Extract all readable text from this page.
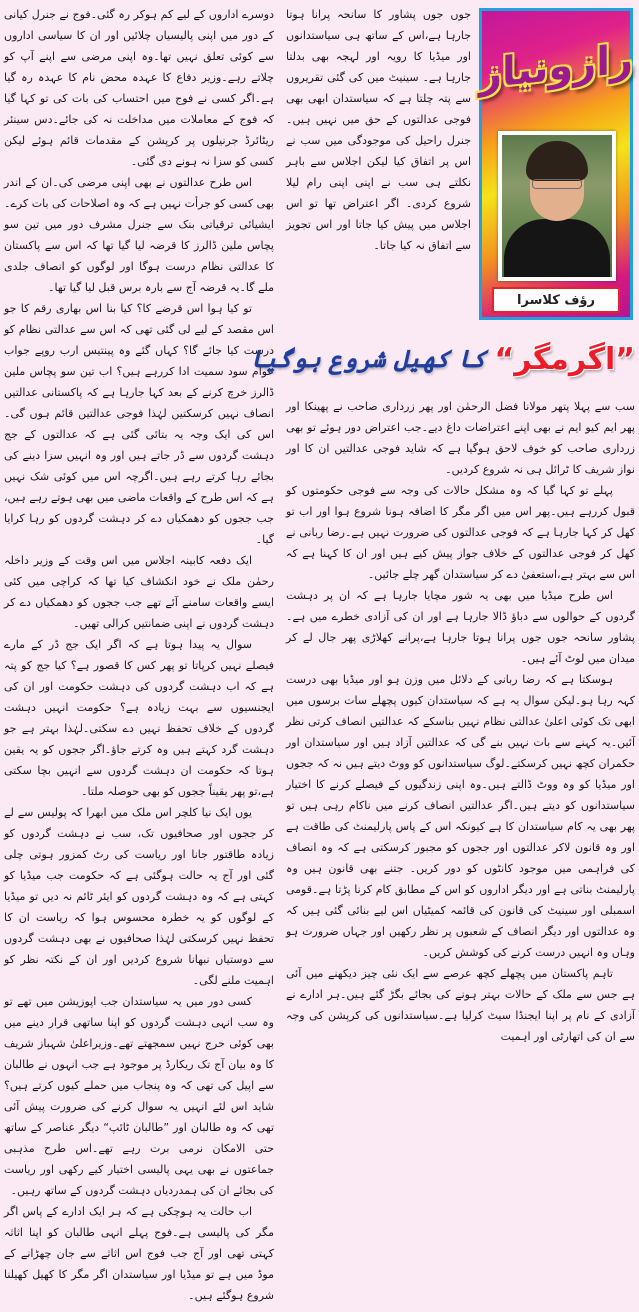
دوسرے اداروں کے لیے کم ہوکر رہ گئی۔فوج نے جنرل کیانی کے دور میں اپنی پالیسیاں چلائیں اور ان کا سیاسی اداروں سے کوئی تعلق نہیں تھا۔وہ اپنی مرضی سے اپنے آپ کو چلاتے رہے۔وزیر دفاع کا عہدہ محض نام کا عہدہ رہ گیا ہے۔اگر کسی نے فوج میں احتساب کی بات کی تو کہا گیا کہ فوج کے معاملات میں مداخلت نہ کی جائے۔دس سینئر ریٹائرڈ جرنیلوں پر کرپشن کے مقدمات قائم ہوئے لیکن کسی کو سزا نہ ہونے دی گئی۔

اس طرح عدالتوں نے بھی اپنی مرضی کی۔ان کے اندر بھی کسی کو جرأت نہیں ہے کہ وہ اصلاحات کی بات کرے۔ایشیائی ترقیاتی بنک سے جنرل مشرف دور میں تین سو پچاس ملین ڈالرز کا قرضہ لیا گیا تھا کہ اس سے پاکستان کا عدالتی نظام درست ہوگا اور لوگوں کو انصاف جلدی ملے گا۔یہ قرضہ آج سے بارہ برس قبل لیا گیا تھا۔

تو کیا ہوا اس قرضے کا؟ کیا بنا اس بھاری رقم کا جو اس مقصد کے لیے لی گئی تھی کہ اس سے عدالتی نظام کو درست کیا جائے گا؟ کہاں گئے وہ پینتیس ارب روپے جواب عوام سود سمیت ادا کررہے ہیں؟ اب تین سو پچاس ملین ڈالرز خرچ کرنے کے بعد کہا جارہا ہے کہ پاکستانی عدالتیں انصاف نہیں کرسکتیں لہٰذا فوجی عدالتیں قائم ہوں گی۔اس کی ایک وجہ یہ بتائی گئی ہے کہ عدالتوں کے جج دہشت گردوں سے ڈر جاتے ہیں اور وہ انہیں سزا دینے کی بجائے رہا کرتے رہے ہیں۔اگرچہ اس میں کوئی شک نہیں ہے کہ اس طرح کے واقعات ماضی میں بھی ہوتے رہے ہیں، جب ججوں کو دھمکیاں دے کر دہشت گردوں کو رہا کرایا گیا۔

ایک دفعہ کابینہ اجلاس میں اس وقت کے وزیر داخلہ رحمٰن ملک نے خود انکشاف کیا تھا کہ کراچی میں کئی ایسے واقعات سامنے آئے تھے جب ججوں کو دھمکیاں دے کر دہشت گردوں نے اپنی ضمانتیں کرالی تھیں۔

سوال یہ پیدا ہوتا ہے کہ اگر ایک جج ڈر کے مارے فیصلے نہیں کرپاتا تو پھر کس کا قصور ہے؟ کیا جج کو پتہ ہے کہ اب دہشت گردوں کی دہشت حکومت اور ان کی ایجنسیوں سے بہت زیادہ ہے؟ حکومت انہیں دہشت گردوں کے خلاف تحفظ نہیں دے سکتی۔لہٰذا بہتر ہے جو دہشت گرد کہتے ہیں وہ کرتے جاؤ۔اگر ججوں کو یہ یقین ہوتا کہ حکومت ان دہشت گردوں سے انہیں بچا سکتی ہے،تو پھر یقیناً ججوں کو بھی حوصلہ ملتا۔

یوں ایک نیا کلچر اس ملک میں ابھرا کہ پولیس سے لے کر ججوں اور صحافیوں تک، سب نے دہشت گردوں کو زیادہ طاقتور جانا اور ریاست کی رٹ کمزور ہوتی چلی گئی اور آج یہ حالت ہوگئی ہے کہ حکومت جب میڈیا کو کہتی ہے کہ وہ دہشت گردوں کو ایئر ٹائم نہ دیں تو میڈیا کے لوگوں کو یہ خطرہ محسوس ہوا کہ ریاست ان کا تحفظ نہیں کرسکتی لہٰذا صحافیوں نے بھی دہشت گردوں سے دوستیاں نبھانا شروع کردیں اور ان کے نکتہ نظر کو اہمیت ملنے لگی۔

کسی دور میں یہ سیاستدان جب اپوزیشن میں تھے تو وہ سب انہی دہشت گردوں کو اپنا ساتھی قرار دینے میں بھی کوئی حرج نہیں سمجھتے تھے۔وزیراعلیٰ شہباز شریف کا وہ بیان آج تک ریکارڈ پر موجود ہے جب انہوں نے طالبان سے اپیل کی تھی کہ وہ پنجاب میں حملے کیوں کرتے ہیں؟ شاید اس لئے انہیں یہ سوال کرنے کی ضرورت پیش آئی تھی کہ وہ طالبان اور ”طالبان ٹائپ“ دیگر عناصر کے ساتھ حتی الامکان نرمی برت رہے تھے۔اس طرح مذہبی جماعتوں نے بھی یہی پالیسی اختیار کیے رکھی اور ریاست کی بجائے ان کی ہمدردیاں دہشت گردوں کے ساتھ رہیں۔

اب حالت یہ ہوچکی ہے کہ ہر ایک ادارے کے پاس اگر مگر کی پالیسی ہے۔فوج پہلے انہی طالبان کو اپنا اثاثہ کہتی تھی اور آج جب فوج اس اثاثے سے جان چھڑانے کے موڈ میں ہے تو میڈیا اور سیاستدان اگر مگر کا کھیل کھیلنا شروع ہوگئے ہیں۔

جوں جوں پشاور کا سانحہ پرانا ہوتا جارہا ہے،اس کے ساتھ ہی سیاستدانوں اور میڈیا کا رویہ اور لہجہ بھی بدلتا جارہا ہے۔ سینیٹ میں کی گئی تقریروں سے پتہ چلتا ہے کہ سیاستدان ابھی بھی فوجی عدالتوں کے حق میں نہیں ہیں۔جنرل راحیل کی موجودگی میں سب نے اس پر اتفاق کیا لیکن اجلاس سے باہر نکلتے ہی سب نے اپنی اپنی رام لیلا شروع کردی۔ اگر اعتراض تھا تو اس اجلاس میں پیش کیا جاتا اور اس تجویز سے اتفاق نہ کیا جاتا۔

رازونیاز
رؤف کلاسرا
”اگرمگر“
کا کھیل شروع ہوگیا

سب سے پہلا پتھر مولانا فضل الرحمٰن اور پھر زرداری صاحب نے پھینکا اور پھر ایم کیو ایم نے بھی اپنے اعتراضات داغ دیے۔جب اعتراض دور ہوئے تو بھی زرداری صاحب کو خوف لاحق ہوگیا ہے کہ شاید فوجی عدالتیں ان کا اور نواز شریف کا ٹرائل ہی نہ شروع کردیں۔

پہلے تو کہا گیا کہ وہ مشکل حالات کی وجہ سے فوجی حکومتوں کو قبول کررہے ہیں۔پھر اس میں اگر مگر کا اضافہ ہونا شروع ہوا اور اب تو کھل کر کہا جارہا ہے کہ فوجی عدالتوں کی ضرورت نہیں ہے۔رضا ربانی نے کھل کر فوجی عدالتوں کے خلاف جواز پیش کیے ہیں اور ان کا کہنا ہے کہ اس سے بہتر ہے،استعفیٰ دے کر سیاستدان گھر چلے جائیں۔

اس طرح میڈیا میں بھی یہ شور مچایا جارہا ہے کہ ان پر دہشت گردوں کے حوالوں سے دباؤ ڈالا جارہا ہے اور ان کی آزادی خطرے میں ہے۔پشاور سانحہ جوں جوں پرانا ہوتا جارہا ہے،پرانے کھلاڑی پھر جال لے کر میدان میں لوٹ آئے ہیں۔

ہوسکتا ہے کہ رضا ربانی کے دلائل میں وزن ہو اور میڈیا بھی درست کہہ رہا ہو۔لیکن سوال یہ ہے کہ سیاستدان کیوں پچھلے سات برسوں میں ابھی تک کوئی اعلیٰ عدالتی نظام نہیں بناسکے کہ عدالتیں انصاف کرتی نظر آئیں۔یہ کہنے سے بات نہیں بنے گی کہ عدالتیں آزاد ہیں اور سیاستدان اور حکمران کچھ نہیں کرسکتے۔لوگ سیاستدانوں کو ووٹ دیتے ہیں نہ کہ ججوں اور میڈیا کو وہ ووٹ ڈالتے ہیں۔وہ اپنی زندگیوں کے فیصلے کرنے کا اختیار سیاستدانوں کو دیتے ہیں۔اگر عدالتیں انصاف کرنے میں ناکام رہی ہیں تو پھر بھی یہ کام سیاستدان کا ہے کیونکہ اس کے پاس پارلیمنٹ کی طاقت ہے اور وہ قانون لاکر عدالتوں اور ججوں کو مجبور کرسکتی ہے کہ وہ انصاف کی فراہمی میں موجود کانٹوں کو دور کریں۔ جتنے بھی قانون ہیں وہ پارلیمنٹ بناتی ہے اور دیگر اداروں کو اس کے مطابق کام کرنا پڑتا ہے۔قومی اسمبلی اور سینیٹ کی قانون کی قائمہ کمیٹیاں اس لیے بنائی گئی ہیں کہ وہ عدالتوں اور دیگر انصاف کے شعبوں پر نظر رکھیں اور جہاں ضرورت ہو وہاں وہ انہیں درست کرنے کی کوشش کریں۔

تاہم پاکستان میں پچھلے کچھ عرصے سے ایک نئی چیز دیکھنے میں آئی ہے جس سے ملک کے حالات بہتر ہونے کی بجائے بگڑ گئے ہیں۔ہر ادارے نے آزادی کے نام پر اپنا ایجنڈا سیٹ کرلیا ہے۔سیاستدانوں کی کرپشن کی وجہ سے ان کی اتھارٹی اور اہمیت
